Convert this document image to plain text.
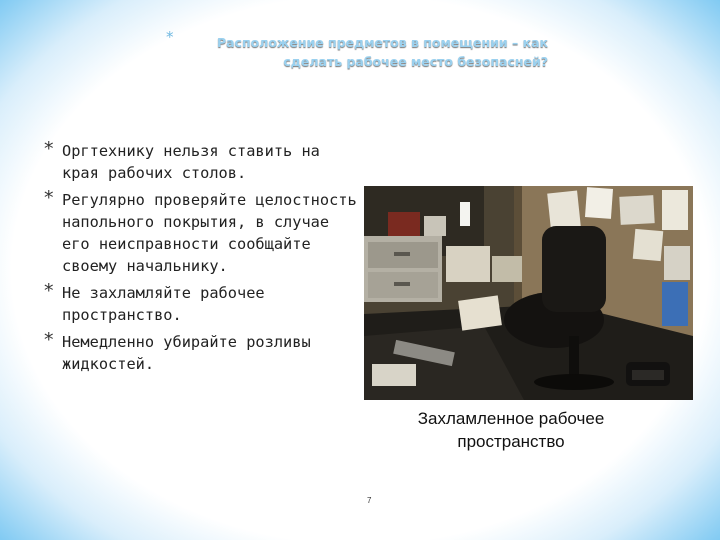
*	Расположение предметов в помещении – как
сделать рабочее место безопасней?
* Оргтехнику нельзя ставить на края рабочих столов.
* Регулярно проверяйте целостность напольного покрытия, в случае его неисправности сообщайте своему начальнику.
* Не захламляйте рабочее пространство.
* Немедленно убирайте розливы жидкостей.
Захламленное рабочее
пространство
7
